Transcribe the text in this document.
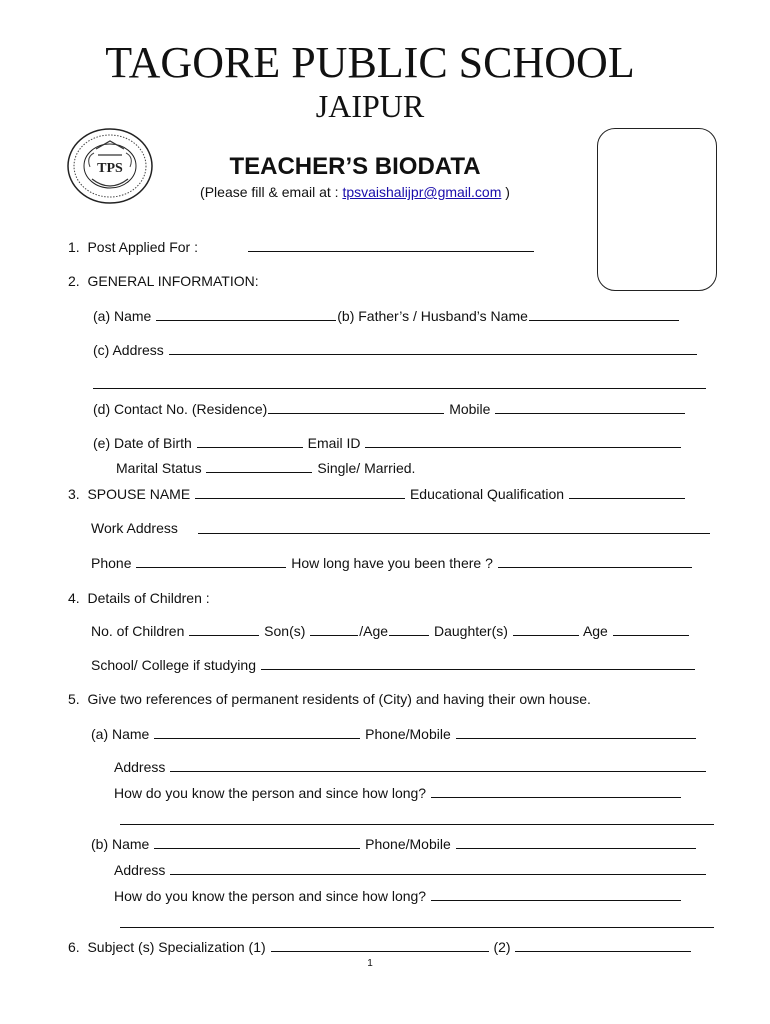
TAGORE PUBLIC SCHOOL
JAIPUR
TPS	TEACHER’S BIODATA
(Please fill & email at : tpsvaishalijpr@gmail.com )
1. Post Applied For :
2. GENERAL INFORMATION:
(a) Name	(b) Father’s / Husband’s Name
(c) Address
(d) Contact No. (Residence)	Mobile
(e) Date of Birth	Email ID
Marital Status	Single/ Married.
3. SPOUSE NAME	Educational Qualification
Work Address
Phone	How long have you been there ?
4. Details of Children :
No. of Children	Son(s)	/Age	Daughter(s)	Age
School/ College if studying
5. Give two references of permanent residents of (City) and having their own house.
(a) Name	Phone/Mobile
Address
How do you know the person and since how long?
(b) Name	Phone/Mobile
Address
How do you know the person and since how long?
6. Subject (s) Specialization (1)	(2)
1
